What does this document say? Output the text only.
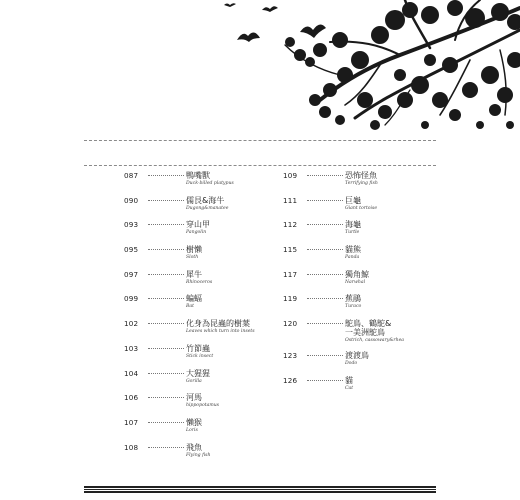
087	鴨嘴獸
Duck-billed platypus
090	儒艮&海牛
Dugong&manatee
093	穿山甲
Pangolin
095	樹懶
Sloth
097	犀牛
Rhinoceros
099	蝙蝠
Bat
102	化身為昆蟲的樹葉
Leaves which turn into insets
103	竹節蟲
Stick insect
104	大猩猩
Gorilla
106	河馬
hippopotamus
107	懶猴
Loris
108	飛魚
Flying fish
109	恐怖怪魚
Terrifying fish
111	巨龜
Giant tortoise
112	海龜
Turtle
115	貓熊
Panda
117	獨角鯨
Narwhal
119	蕉鵑
Turaco
120	鴕鳥、鶴鴕&
一美洲鴕鳥
Ostrich, cassowary&rhea
123	渡渡鳥
Dodo
126	貓
Cat
